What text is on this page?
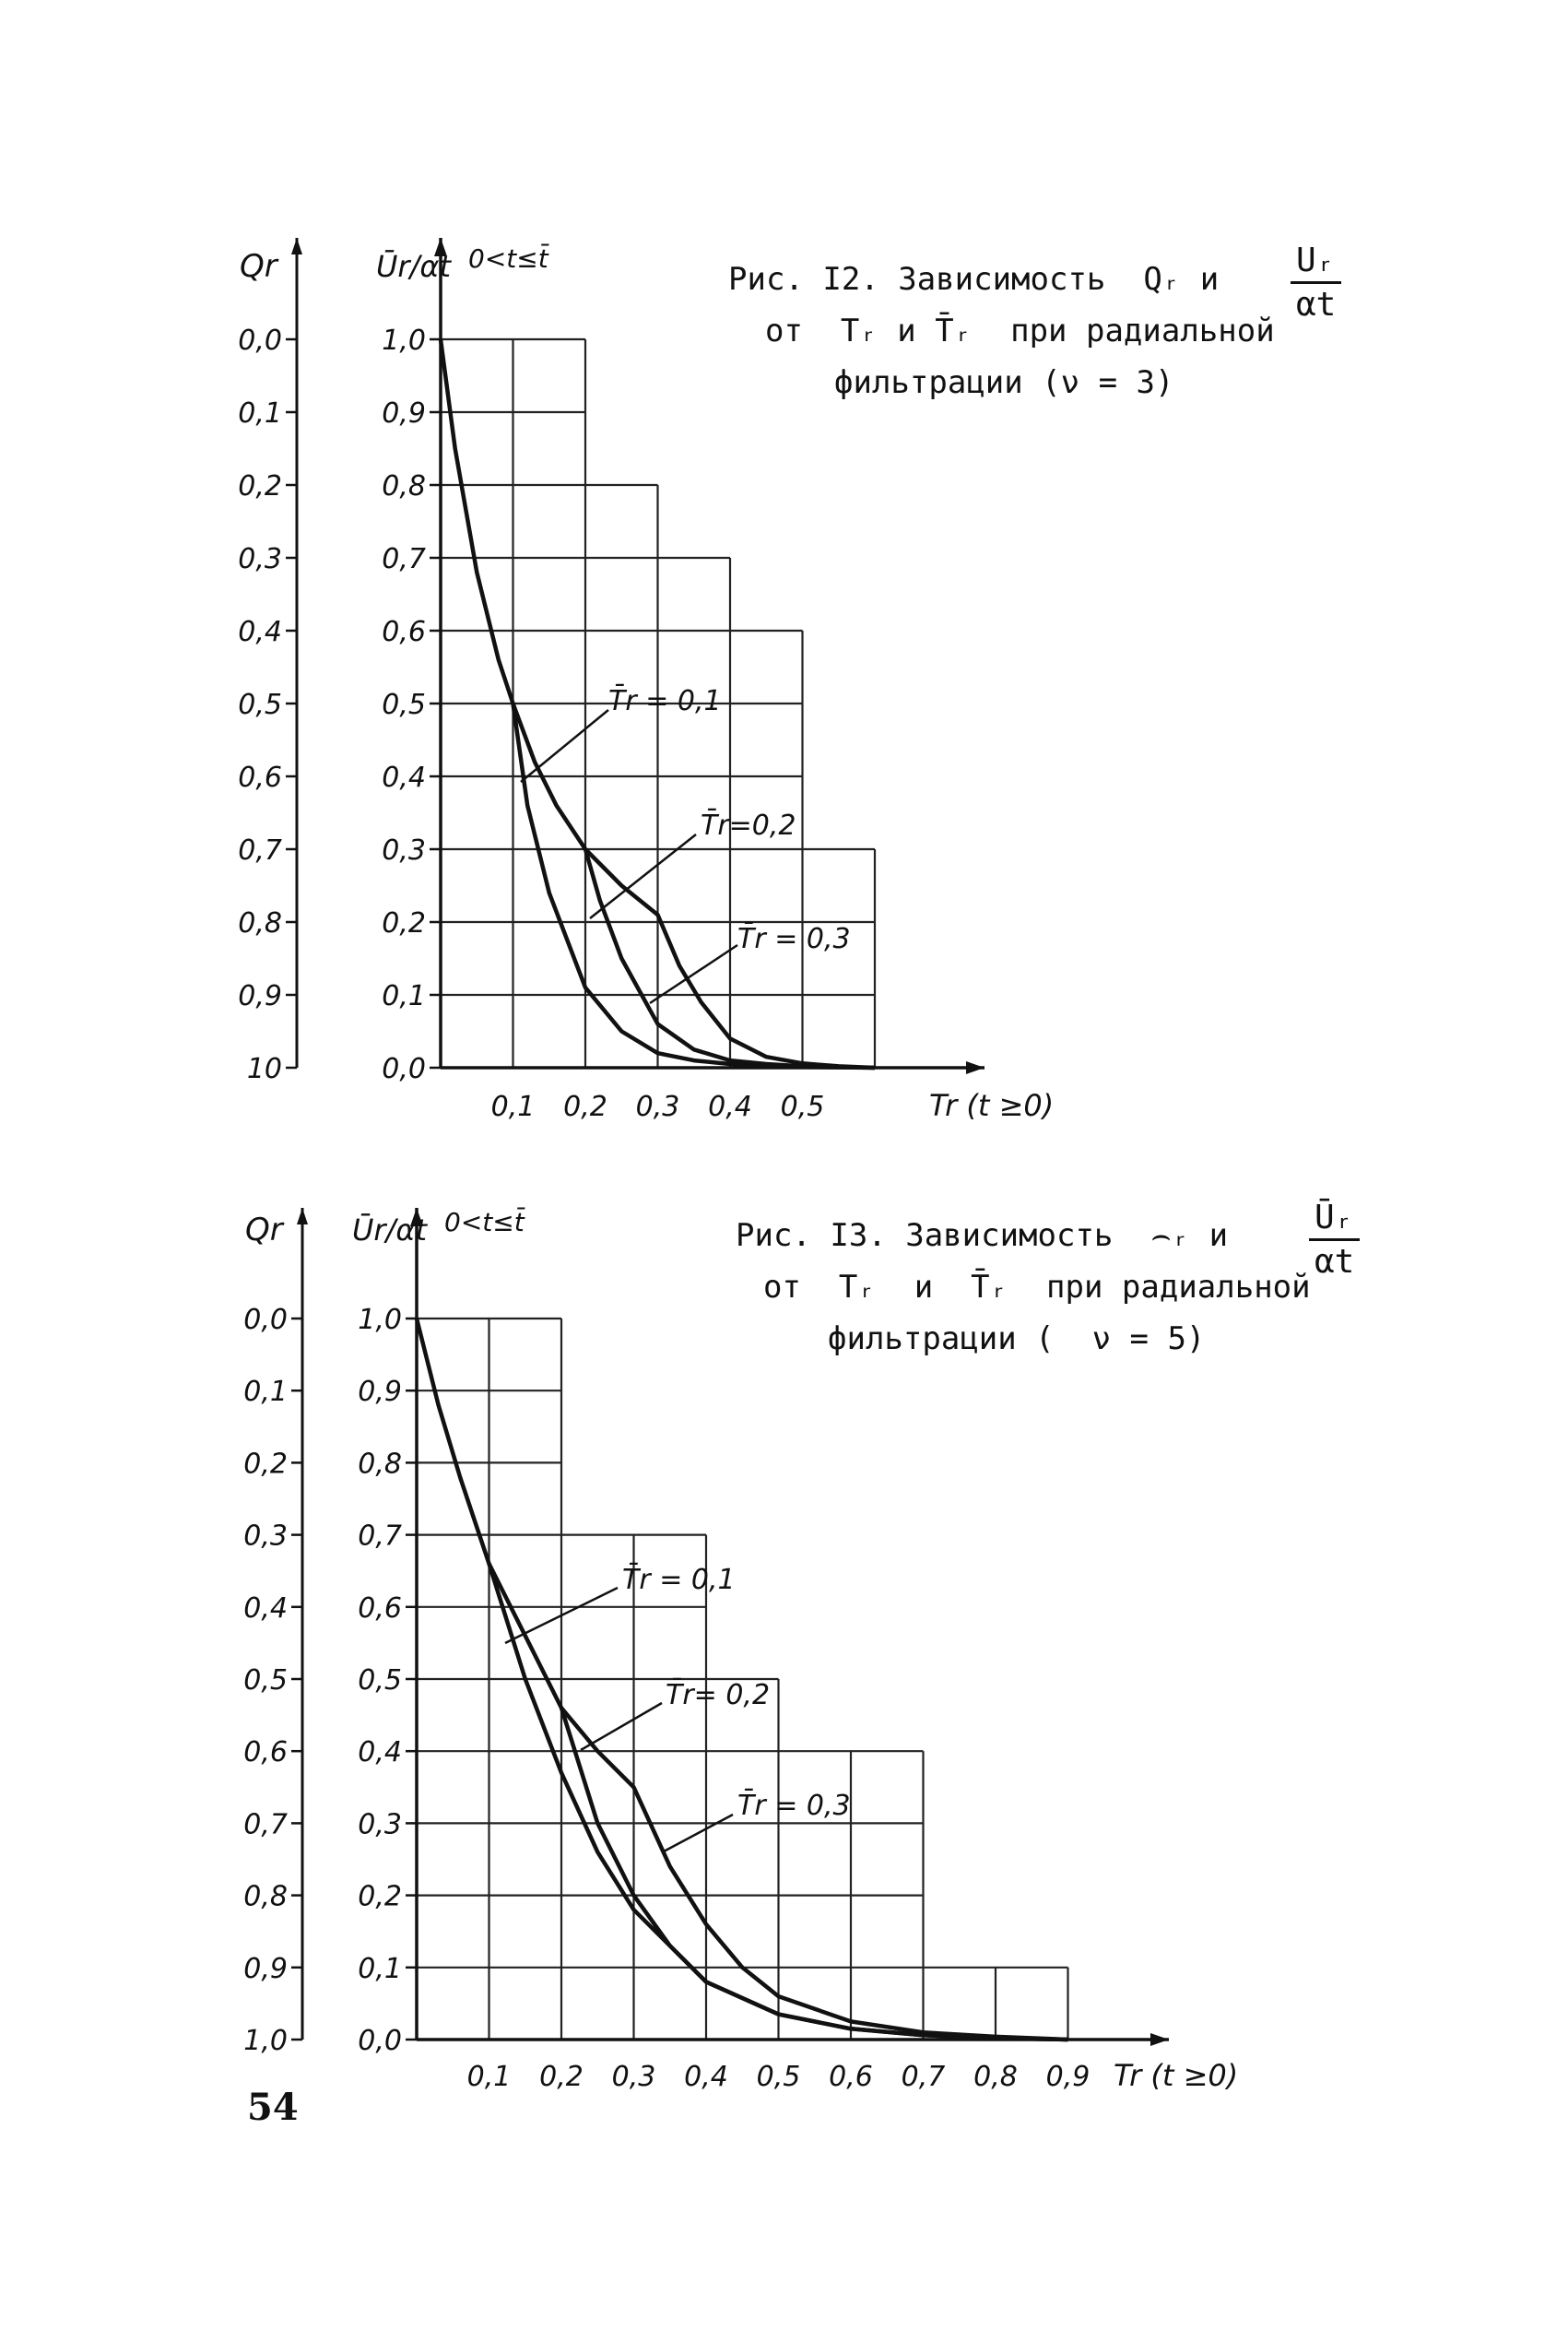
Рис. I2. Зависимость  Qᵣ и
от  Tᵣ и T̄ᵣ  при радиальной
фильтрации (ν = 3)
$\frac{\text{Uᵣ}}{\alpha t}$
Рис. I3. Зависимость  ⌢ᵣ и
от  Tᵣ  и  T̄ᵣ  при радиальной
фильтрации (  ν = 5)
$\frac{\text{Ūᵣ}}{\alpha t}$
0,0
0,1
0,2
0,3
0,4
0,5
0,6
0,7
0,8
0,9
1,0
0,0
0,1
0,2
0,3
0,4
0,5
0,6
0,7
0,8
0,9
10
0,1 0,2 0,3 0,4 0,5	Tr (t ≥0)
Qr	Ūr/αt 0<t≤t̄
T̄r = 0,1
T̄r=0,2
T̄r = 0,3
0,0
0,1
0,2
0,3
0,4
0,5
0,6
0,7
0,8
0,9
1,0
0,0
0,1
0,2
0,3
0,4
0,5
0,6
0,7
0,8
0,9
1,0
0,1 0,2 0,3 0,4 0,5 0,6 0,7 0,8 0,9 Tr (t ≥0)
Qr Ūr/αt 0<t≤t̄
T̄r = 0,1
T̄r= 0,2
T̄r = 0,3
54
